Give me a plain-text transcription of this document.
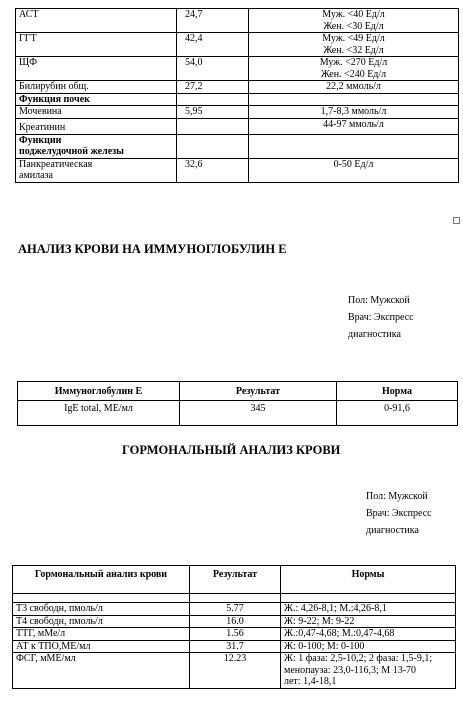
АСТ	24,7	Муж. <40 Ед/л
Жен. <30 Ед/л

ГГТ	42,4	Муж. <49 Ед/л
Жен. <32 Ед/л

ЩФ	54,0	Муж. <270 Ед/л
Жен. <240 Ед/л

Билирубин общ.	27,2	22,2 ммоль/л

Функция почек		
Мочевина	5,95	1,7-8,3 ммоль/л
Креатинин		44-97 ммоль/л

Функции
поджелудочной железы		

Панкреатическая
амилаза	32,6	0-50 Ед/л
АНАЛИЗ КРОВИ НА ИММУНОГЛОБУЛИН Е
Пол: Мужской
Врач: Экспресс
диагностика
Иммуноглобулин Е	Результат	Норма
IgE total, МЕ/мл	345	0-91,6
ГОРМОНАЛЬНЫЙ АНАЛИЗ КРОВИ
Пол: Мужской
Врач: Экспресс
диагностика
Гормональный анализ крови	Результат	Нормы

Т3 свободн, пмоль/л	5.77	Ж.: 4,26-8,1; М.:4,26-8,1
Т4 свободн, пмоль/л	16.0	Ж: 9-22; М: 9-22
ТТГ, мМе/л	1.56	Ж.:0,47-4,68; М.:0,47-4,68
АТ к ТПО,МЕ/мл	31.7	Ж: 0-100; М: 0-100
ФСГ, мМЕ/мл	12.23	Ж: 1 фаза: 2,5-10,2; 2 фаза: 1,5-9,1;
менопауза: 23,0-116,3; М 13-70
лет: 1,4-18,1
